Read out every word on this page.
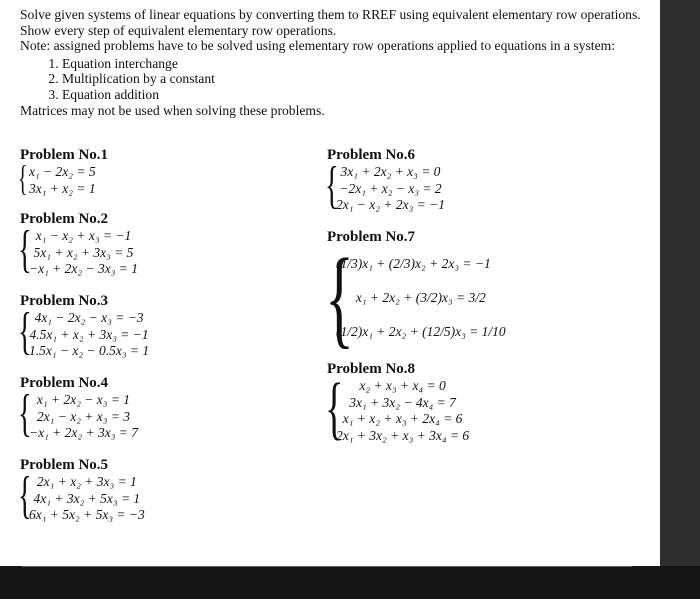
Solve given systems of linear equations by converting them to RREF using equivalent elementary row operations. Show every step of equivalent elementary row operations.

Note: assigned problems have to be solved using elementary row operations applied to equations in a system:

1. Equation interchange
2. Multiplication by a constant
3. Equation addition

Matrices may not be used when solving these problems.

Problem No.1
{ x₁ − 2x₂ = 5
3x₁ + x₂ = 1
Problem No.2
{ x₁ − x₂ + x₃ = −1
5x₁ + x₂ + 3x₃ = 5
−x₁ + 2x₂ − 3x₃ = 1
Problem No.3
{ 4x₁ − 2x₂ − x₃ = −3
4.5x₁ + x₂ + 3x₃ = −1
1.5x₁ − x₂ − 0.5x₃ = 1
Problem No.4
{ x₁ + 2x₂ − x₃ = 1
2x₁ − x₂ + x₃ = 3
−x₁ + 2x₂ + 3x₃ = 7
Problem No.5
{ 2x₁ + x₂ + 3x₃ = 1
4x₁ + 3x₂ + 5x₃ = 1
6x₁ + 5x₂ + 5x₃ = −3
Problem No.6
{ 3x₁ + 2x₂ + x₃ = 0
−2x₁ + x₂ − x₃ = 2
2x₁ − x₂ + 2x₃ = −1
Problem No.7
{ (1/3)x₁ + (2/3)x₂ + 2x₃ = −1
x₁ + 2x₂ + (3/2)x₃ = 3/2
(1/2)x₁ + 2x₂ + (12/5)x₃ = 1/10
Problem No.8
{ x₂ + x₃ + x₄ = 0
3x₁ + 3x₂ − 4x₄ = 7
x₁ + x₂ + x₃ + 2x₄ = 6
2x₁ + 3x₂ + x₃ + 3x₄ = 6
